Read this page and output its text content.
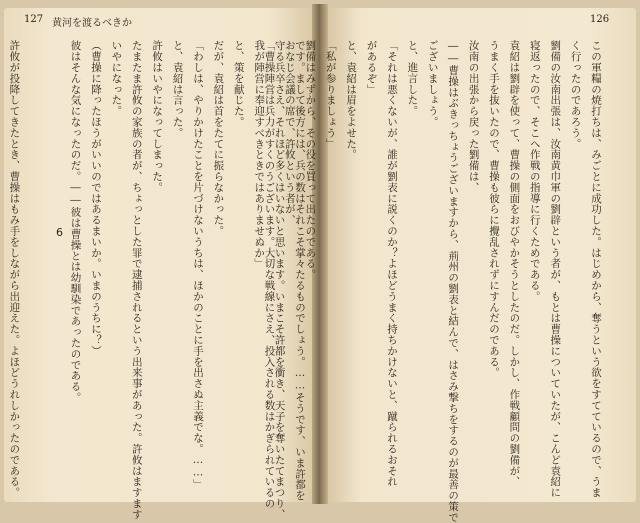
127 黄河を渡るべきか	126
この軍糧の焼打ちは、みごとに成功した。はじめから、奪うという欲をすてているので、うま
く行ったのであろう。
劉備の汝南出張は、汝南黄巾軍の劉辟という者が、もとは曹操についていたが、こんど袁紹に
寝返ったので、そこへ作戦の指導に行くためである。
袁紹は劉辟を使って、曹操の側面をおびやかそうとしたのだ。しかし、作戦顧問の劉備が、
うまく手を抜いたので、曹操も彼らに攪乱されずにすんだのである。
汝南の出張から戻った劉備は、
――曹操はぶきっちょうございますから、荊州の劉表と結んで、はさみ撃ちをするのが最善の策で
ございましょう。
と、進言した。
「それは悪くないが、誰が劉表に説くのか？よほどうまく持ちかけないと、蹴られるおそれ
があるぞ」
と、袁紹は眉をよせた。
「私が参りましょう」
劉備はみずから、その役を買って出たのである。
おなじ会議の席で、許攸という者が、
「曹操陣営は兵力がすくのうございます。大切な戦線にさえ、投入される数はかぎられているの	です。まして後方には、兵の数はそれこそ掌々たるものでしょう。……そうです、いま許都を
守る兵卒さえ、それほど多くはいないと思います。いまこそ許都を衝き、天子を奪いたてまつり、
我が陣営に奉迎すべきときではありませぬか」
と、策を献じた。
だが、袁紹は首をたてに振らなかった。
「わしは、やりかけたことを片づけないうちは、ほかのことに手を出さぬ主義でな。……」
と、袁紹は言った。
許攸はいやになってしまった。
たまたま許攸の家族の者が、ちょっとした罪で逮捕されるという出来事があった。許攸はますます
いやになった。
（曹操に降ったほうがいいのではあるまいか。いまのうちに？）
彼はそんな気になったのだ。――彼は曹操とは幼馴染であったのである。

許攸が投降してきたとき、曹操はもみ手をしながら出迎えた。よほどうれしかったのである。	6
